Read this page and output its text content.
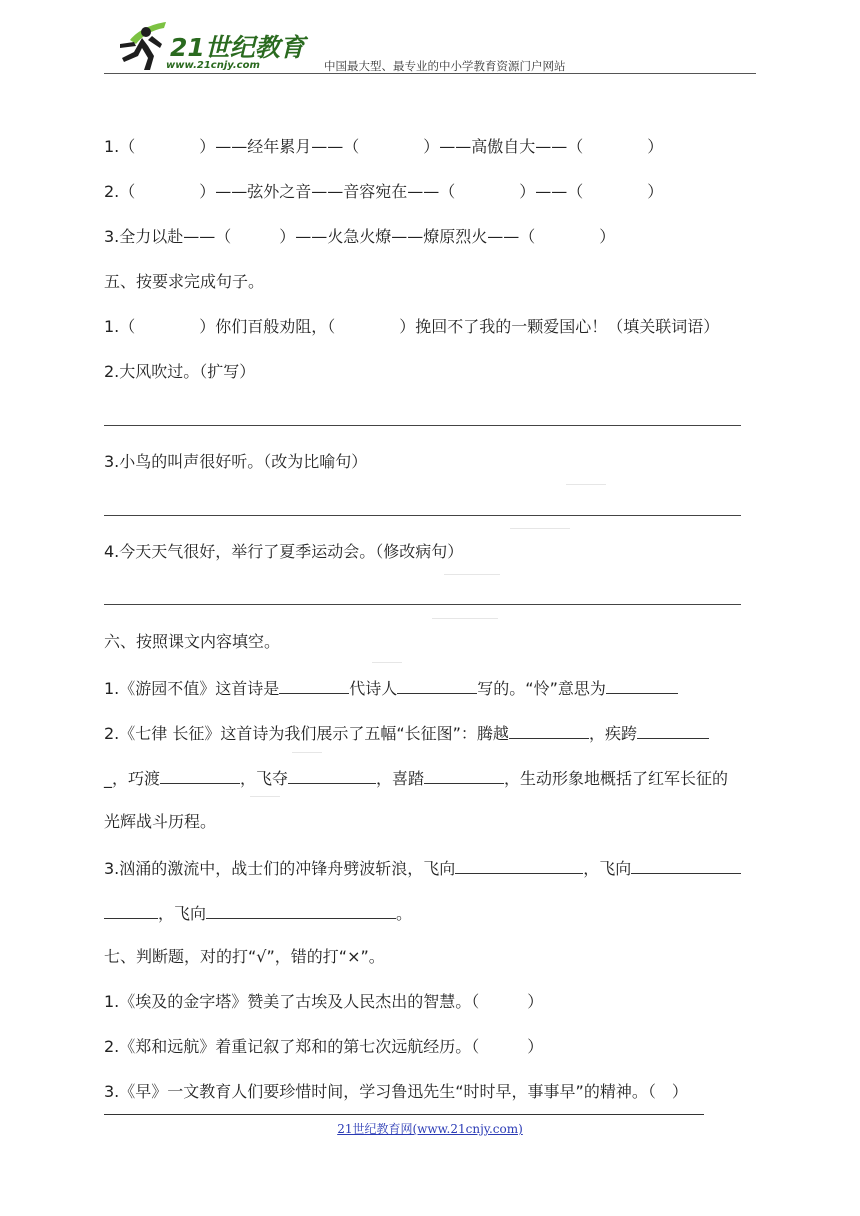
21世纪教育
www.21cnjy.com	中国最大型、最专业的中小学教育资源门户网站
1.（　　　　）——经年累月——（　　　　）——高傲自大——（　　　　）
2.（　　　　）——弦外之音——音容宛在——（　　　　）——（　　　　）
3.全力以赴——（　　　）——火急火燎——燎原烈火——（　　　　）
五、按要求完成句子。
1.（　　　　）你们百般劝阻，（　　　　）挽回不了我的一颗爱国心！（填关联词语）
2.大风吹过。（扩写）
3.小鸟的叫声很好听。（改为比喻句）
4.今天天气很好，举行了夏季运动会。（修改病句）
六、按照课文内容填空。
1.《游园不值》这首诗是	代诗人	写的。“怜”意思为
2.《七律 长征》这首诗为我们展示了五幅“长征图”：腾越	，疾跨
_，巧渡	，飞夺	，喜踏	，生动形象地概括了红军长征的
光辉战斗历程。
3.汹涌的激流中，战士们的冲锋舟劈波斩浪，飞向	，飞向
，飞向	。
七、判断题，对的打“√”，错的打“×”。
1.《埃及的金字塔》赞美了古埃及人民杰出的智慧。（　　　）
2.《郑和远航》着重记叙了郑和的第七次远航经历。（　　　）
3.《早》一文教育人们要珍惜时间，学习鲁迅先生“时时早，事事早”的精神。（　）
21世纪教育网(www.21cnjy.com)
